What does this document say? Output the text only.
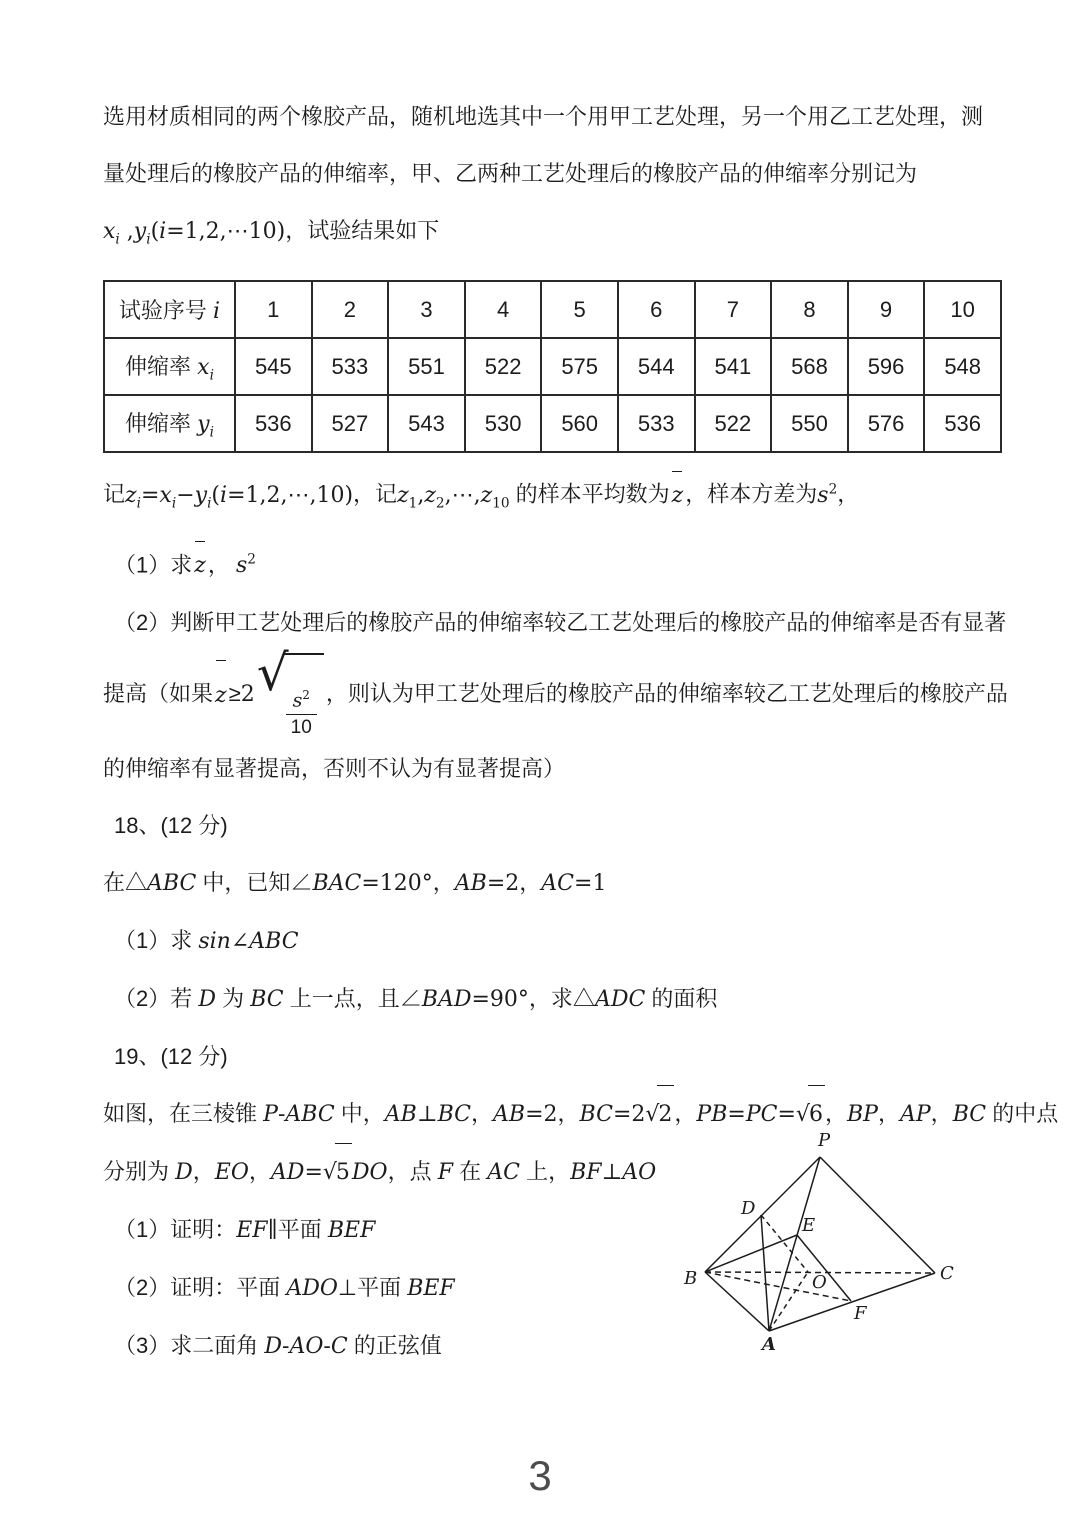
选用材质相同的两个橡胶产品，随机地选其中一个用甲工艺处理，另一个用乙工艺处理，测
量处理后的橡胶产品的伸缩率，甲、乙两种工艺处理后的橡胶产品的伸缩率分别记为
$x_i$ $,y_i(i=1,2,\cdots 10)$，试验结果如下
试验序号 i	1	2	3	4	5	6	7	8	9	10
伸缩率 $x_i$	545	533	551	522	575	544	541	568	596	548
伸缩率 $y_i$	536	527	543	530	560	533	522	550	576	536
记$z_i=x_i-y_i(i=1,2,\cdots,10)$，记$z_1,z_2,\cdots,z_{10}$ 的样本平均数为z，样本方差为$s^2$，
（1）求z， $s^2$
（2）判断甲工艺处理后的橡胶产品的伸缩率较乙工艺处理后的橡胶产品的伸缩率是否有显著
提高（如果z≥2 √
$\frac{s^2}{10}$ ，则认为甲工艺处理后的橡胶产品的伸缩率较乙工艺处理后的橡胶产品
的伸缩率有显著提高，否则不认为有显著提高）
18、(12 分)
在△ABC 中，已知∠BAC=120°，AB=2，AC=1
（1）求 sin∠ABC
（2）若 D 为 BC 上一点，且∠BAD=90°，求△ADC 的面积
19、(12 分)
如图，在三棱锥 P-ABC 中，AB⊥BC，AB=2，BC=2√2，PB=PC=√6，BP，AP，BC 的中点
分别为 D，EO，AD=√5DO，点 F 在 AC 上，BF⊥AO
（1）证明：EF∥平面 BEF
（2）证明：平面 ADO⊥平面 BEF
（3）求二面角 D-AO-C 的正弦值
P
D
E
B	O	C
F
A
3
